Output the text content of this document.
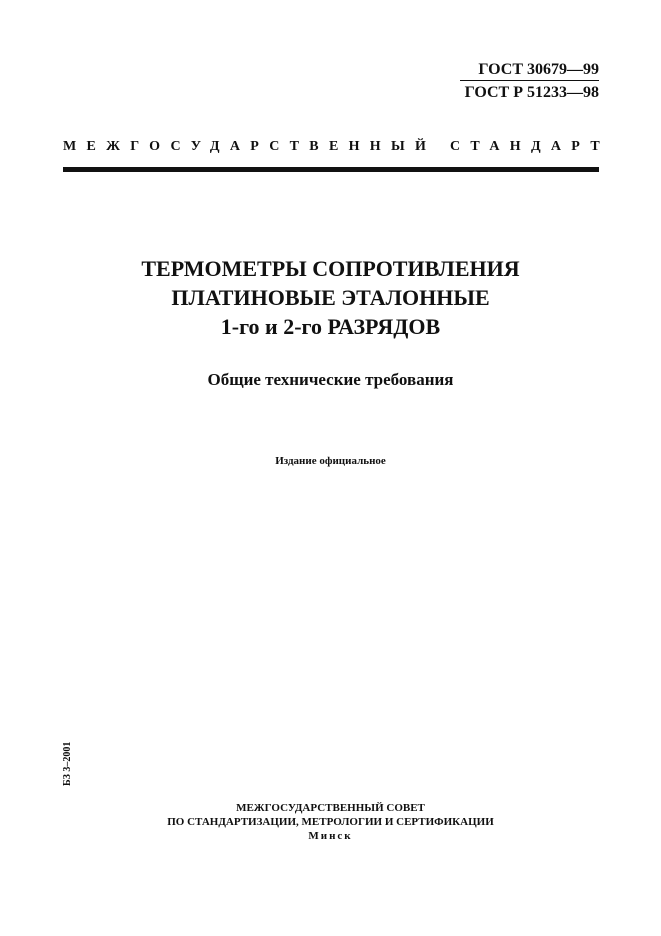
ГОСТ 30679—99
ГОСТ Р 51233—98
МЕЖГОСУДАРСТВЕННЫЙ СТАНДАРТ
ТЕРМОМЕТРЫ СОПРОТИВЛЕНИЯ
ПЛАТИНОВЫЕ ЭТАЛОННЫЕ
1-го и 2-го РАЗРЯДОВ
Общие технические требования
Издание официальное
БЗ 3–2001
МЕЖГОСУДАРСТВЕННЫЙ СОВЕТ
ПО СТАНДАРТИЗАЦИИ, МЕТРОЛОГИИ И СЕРТИФИКАЦИИ
Минск
